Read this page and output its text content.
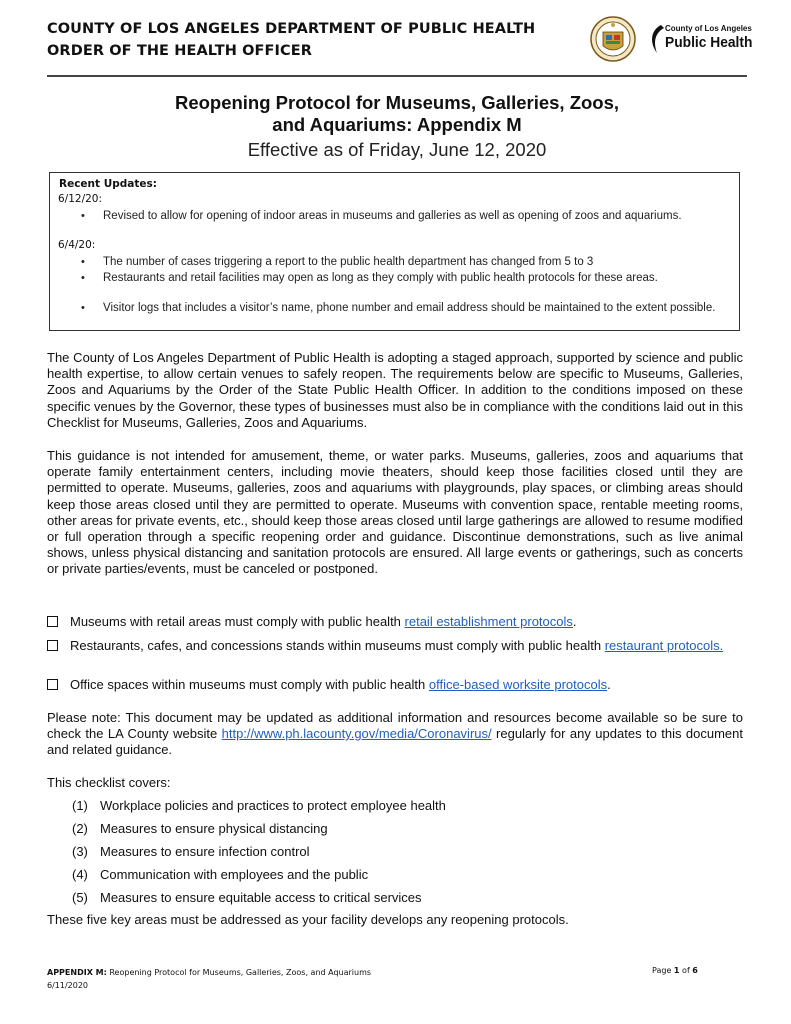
COUNTY OF LOS ANGELES DEPARTMENT OF PUBLIC HEALTH
ORDER OF THE HEALTH OFFICER
County of Los Angeles
Public Health
Reopening Protocol for Museums, Galleries, Zoos,
and Aquariums: Appendix M
Effective as of Friday, June 12, 2020
Recent Updates:
6/12/20:
• Revised to allow for opening of indoor areas in museums and galleries as well as opening of zoos and aquariums.
6/4/20:
• The number of cases triggering a report to the public health department has changed from 5 to 3
• Restaurants and retail facilities may open as long as they comply with public health protocols for these areas.
• Visitor logs that includes a visitor’s name, phone number and email address should be maintained to the extent possible.
The County of Los Angeles Department of Public Health is adopting a staged approach, supported by science and public health expertise, to allow certain venues to safely reopen. The requirements below are specific to Museums, Galleries, Zoos and Aquariums by the Order of the State Public Health Officer. In addition to the conditions imposed on these specific venues by the Governor, these types of businesses must also be in compliance with the conditions laid out in this Checklist for Museums, Galleries, Zoos and Aquariums.
This guidance is not intended for amusement, theme, or water parks. Museums, galleries, zoos and aquariums that operate family entertainment centers, including movie theaters, should keep those facilities closed until they are permitted to operate. Museums, galleries, zoos and aquariums with playgrounds, play spaces, or climbing areas should keep those areas closed until they are permitted to operate. Museums with convention space, rentable meeting rooms, other areas for private events, etc., should keep those areas closed until large gatherings are allowed to resume modified or full operation through a specific reopening order and guidance. Discontinue demonstrations, such as live animal shows, unless physical distancing and sanitation protocols are ensured. All large events or gatherings, such as concerts or private parties/events, must be canceled or postponed.
Museums with retail areas must comply with public health retail establishment protocols.
Restaurants, cafes, and concessions stands within museums must comply with public health restaurant protocols.
Office spaces within museums must comply with public health office-based worksite protocols.
Please note: This document may be updated as additional information and resources become available so be sure to check the LA County website http://www.ph.lacounty.gov/media/Coronavirus/ regularly for any updates to this document and related guidance.
This checklist covers:
(1) Workplace policies and practices to protect employee health
(2) Measures to ensure physical distancing
(3) Measures to ensure infection control
(4) Communication with employees and the public
(5) Measures to ensure equitable access to critical services
These five key areas must be addressed as your facility develops any reopening protocols.
APPENDIX M: Reopening Protocol for Museums, Galleries, Zoos, and Aquariums
6/11/2020
Page 1 of 6
